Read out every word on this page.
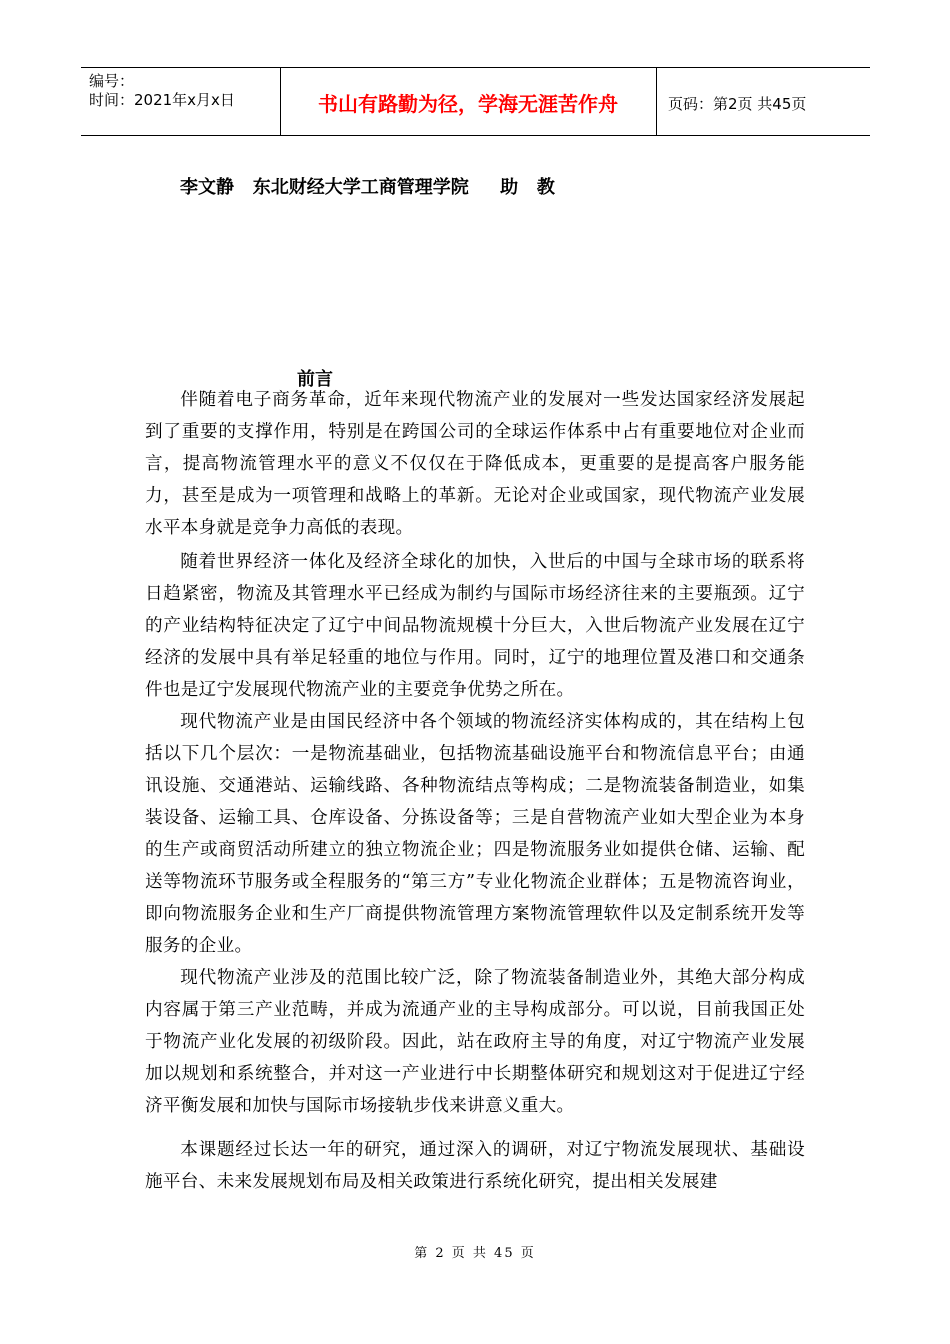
编号：
时间：2021年x月x日	书山有路勤为径，学海无涯苦作舟	页码：第2页 共45页
李文静   东北财经大学工商管理学院     助   教
前言

伴随着电子商务革命，近年来现代物流产业的发展对一些发达国家经济发展起到了重要的支撑作用，特别是在跨国公司的全球运作体系中占有重要地位对企业而言，提高物流管理水平的意义不仅仅在于降低成本，更重要的是提高客户服务能力，甚至是成为一项管理和战略上的革新。无论对企业或国家，现代物流产业发展水平本身就是竞争力高低的表现。

随着世界经济一体化及经济全球化的加快，入世后的中国与全球市场的联系将日趋紧密，物流及其管理水平已经成为制约与国际市场经济往来的主要瓶颈。辽宁的产业结构特征决定了辽宁中间品物流规模十分巨大，入世后物流产业发展在辽宁经济的发展中具有举足轻重的地位与作用。同时，辽宁的地理位置及港口和交通条件也是辽宁发展现代物流产业的主要竞争优势之所在。

现代物流产业是由国民经济中各个领域的物流经济实体构成的，其在结构上包括以下几个层次：一是物流基础业，包括物流基础设施平台和物流信息平台；由通讯设施、交通港站、运输线路、各种物流结点等构成；二是物流装备制造业，如集装设备、运输工具、仓库设备、分拣设备等；三是自营物流产业如大型企业为本身的生产或商贸活动所建立的独立物流企业；四是物流服务业如提供仓储、运输、配送等物流环节服务或全程服务的“第三方”专业化物流企业群体；五是物流咨询业，即向物流服务企业和生产厂商提供物流管理方案物流管理软件以及定制系统开发等服务的企业。

现代物流产业涉及的范围比较广泛，除了物流装备制造业外，其绝大部分构成内容属于第三产业范畴，并成为流通产业的主导构成部分。可以说，目前我国正处于物流产业化发展的初级阶段。因此，站在政府主导的角度，对辽宁物流产业发展加以规划和系统整合，并对这一产业进行中长期整体研究和规划这对于促进辽宁经济平衡发展和加快与国际市场接轨步伐来讲意义重大。

本课题经过长达一年的研究，通过深入的调研，对辽宁物流发展现状、基础设施平台、未来发展规划布局及相关政策进行系统化研究，提出相关发展建

第 2 页 共 45 页
